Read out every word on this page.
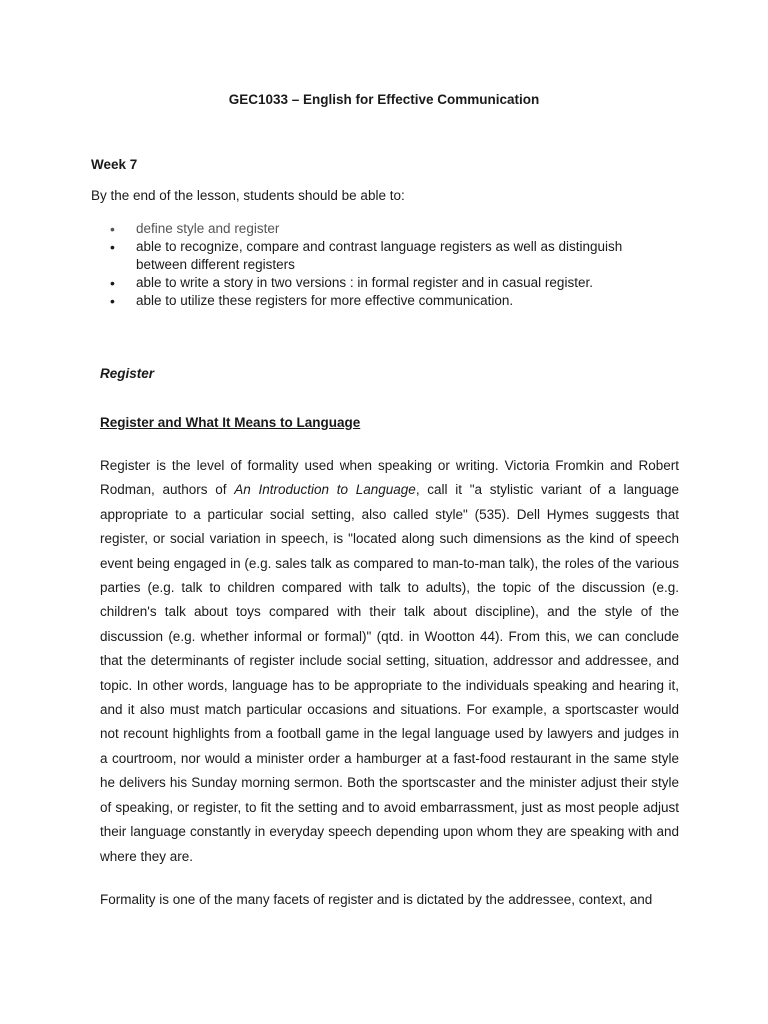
GEC1033 – English for Effective Communication
Week 7
By the end of the lesson, students should be able to:
• define style and register
• able to recognize, compare and contrast language registers as well as distinguish between different registers
• able to write a story in two versions : in formal register and in casual register.
• able to utilize these registers for more effective communication.
Register
Register and What It Means to Language

Register is the level of formality used when speaking or writing. Victoria Fromkin and Robert Rodman, authors of An Introduction to Language, call it "a stylistic variant of a language appropriate to a particular social setting, also called style" (535). Dell Hymes suggests that register, or social variation in speech, is "located along such dimensions as the kind of speech event being engaged in (e.g. sales talk as compared to man-to-man talk), the roles of the various parties (e.g. talk to children compared with talk to adults), the topic of the discussion (e.g. children's talk about toys compared with their talk about discipline), and the style of the discussion (e.g. whether informal or formal)" (qtd. in Wootton 44). From this, we can conclude that the determinants of register include social setting, situation, addressor and addressee, and topic. In other words, language has to be appropriate to the individuals speaking and hearing it, and it also must match particular occasions and situations. For example, a sportscaster would not recount highlights from a football game in the legal language used by lawyers and judges in a courtroom, nor would a minister order a hamburger at a fast-food restaurant in the same style he delivers his Sunday morning sermon. Both the sportscaster and the minister adjust their style of speaking, or register, to fit the setting and to avoid embarrassment, just as most people adjust their language constantly in everyday speech depending upon whom they are speaking with and where they are.

Formality is one of the many facets of register and is dictated by the addressee, context, and
